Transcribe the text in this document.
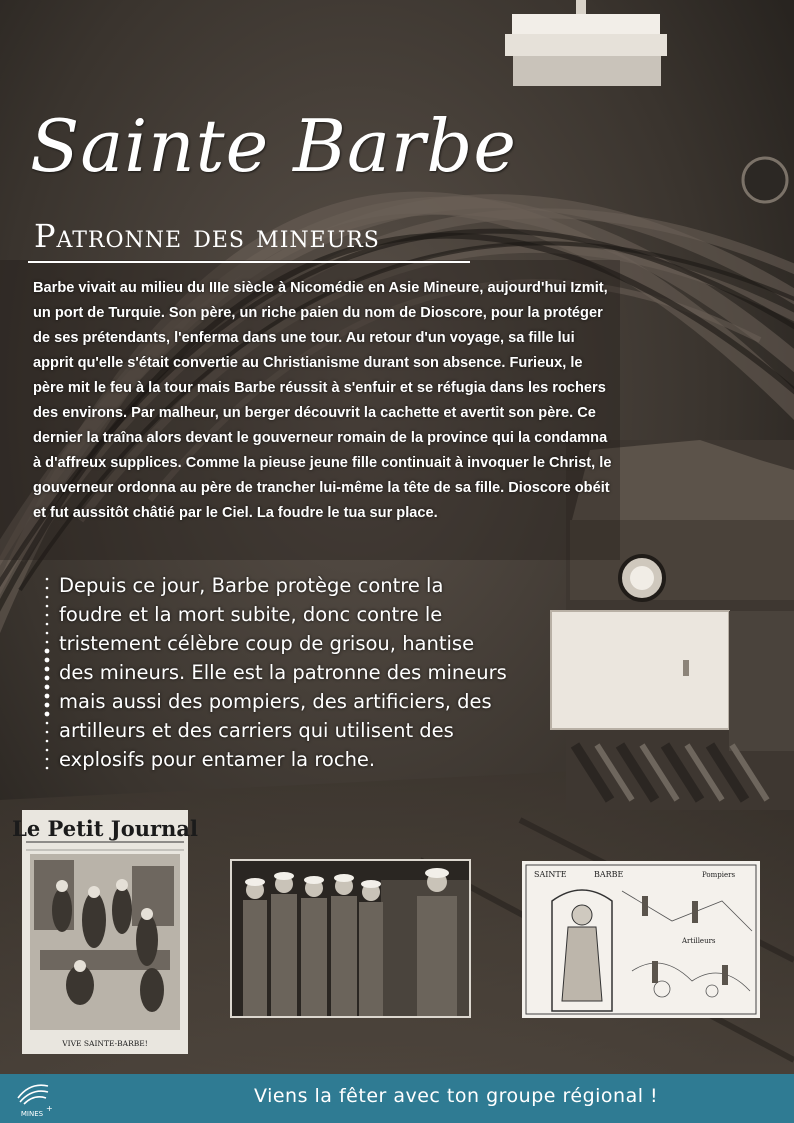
Sainte Barbe
Patronne des mineurs

Barbe vivait au milieu du IIIe siècle à Nicomédie en Asie Mineure, aujourd'hui Izmit, un port de Turquie. Son père, un riche paien du nom de Dioscore, pour la protéger de ses prétendants, l'enferma dans une tour. Au retour d'un voyage, sa fille lui apprit qu'elle s'était convertie au Christianisme durant son absence. Furieux, le père mit le feu à la tour mais Barbe réussit à s'enfuir et se réfugia dans les rochers des environs. Par malheur, un berger découvrit la cachette et avertit son père. Ce dernier la traîna alors devant le gouverneur romain de la province qui la condamna à d'affreux supplices. Comme la pieuse jeune fille continuait à invoquer le Christ, le gouverneur ordonna au père de trancher lui-même la tête de sa fille. Dioscore obéit et fut aussitôt châtié par le Ciel. La foudre le tua sur place.

Depuis ce jour, Barbe protège contre la foudre et la mort subite, donc contre le tristement célèbre coup de grisou, hantise des mineurs. Elle est la patronne des mineurs mais aussi des pompiers, des artificiers, des artilleurs et des carriers qui utilisent des explosifs pour entamer la roche.

Le Petit Journal
VIVE SAINTE-BARBE!
SAINTE	BARBE	Pompiers
Artilleurs
MINES
+
Viens la fêter avec ton groupe régional !
